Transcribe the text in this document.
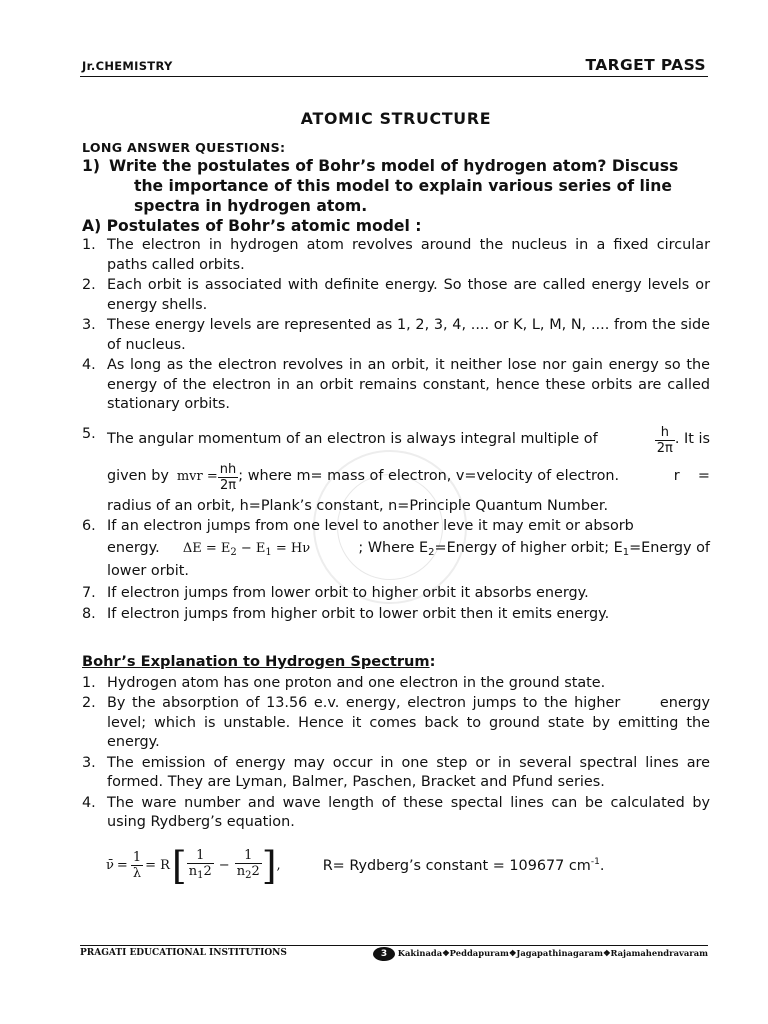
Jr.CHEMISTRY	TARGET PASS
ATOMIC STRUCTURE
LONG ANSWER QUESTIONS:
1) Write the postulates of Bohr’s model of hydrogen atom? Discuss the importance of this model to explain various series of line spectra in hydrogen atom.
A) Postulates of Bohr’s atomic model :
1. The electron in hydrogen atom revolves around the nucleus in a fixed circular paths called orbits.
2. Each orbit is associated with definite energy. So those are called energy levels or energy shells.
3. These energy levels are represented as 1, 2, 3, 4, .... or K, L, M, N, .... from the side of nucleus.
4. As long as the electron revolves in an orbit, it neither lose nor gain energy so the energy of the electron in an orbit remains constant, hence these orbits are called stationary orbits.
5. The angular momentum of an electron is always integral multiple of	$\frac{h}{2\pi}$ . It is
given by mvr = $\frac{nh}{2\pi}$ ; where m= mass of electron, v=velocity of electron.	r    =
radius of an orbit, h=Plank’s constant, n=Principle Quantum Number.
6. If an electron jumps from one level to another leve it may emit or absorb
energy. $\Delta E = E_2 - E_1 = H\nu$	; Where $E_2=Energy$ of higher orbit; $E_1=Energy$ of
lower orbit.
7. If electron jumps from lower orbit to higher orbit it absorbs energy.
8. If electron jumps from higher orbit to lower orbit then it emits energy.
Bohr’s Explanation to Hydrogen Spectrum:
1. Hydrogen atom has one proton and one electron in the ground state.
2. By the absorption of 13.56 e.v. energy, electron jumps to the higher      energy level; which is unstable. Hence it comes back to ground state by emitting the energy.
3. The emission of energy may occur in one step or in several spectral lines are formed. They are Lyman, Balmer, Paschen, Bracket and Pfund series.
4. The ware number and wave length of these spectal lines can be calculated by using Rydberg’s equation.
ν̄ = $\frac{1}{\lambda} = R$ [ $\frac{1}{n_12} - \frac{1}{n_22}$ ] ,	R= Rydberg’s constant = 109677 $cm^{-1}$.
PRAGATI EDUCATIONAL INSTITUTIONS	3	Kakinada❖Peddapuram❖Jagapathinagaram❖Rajamahendravaram
